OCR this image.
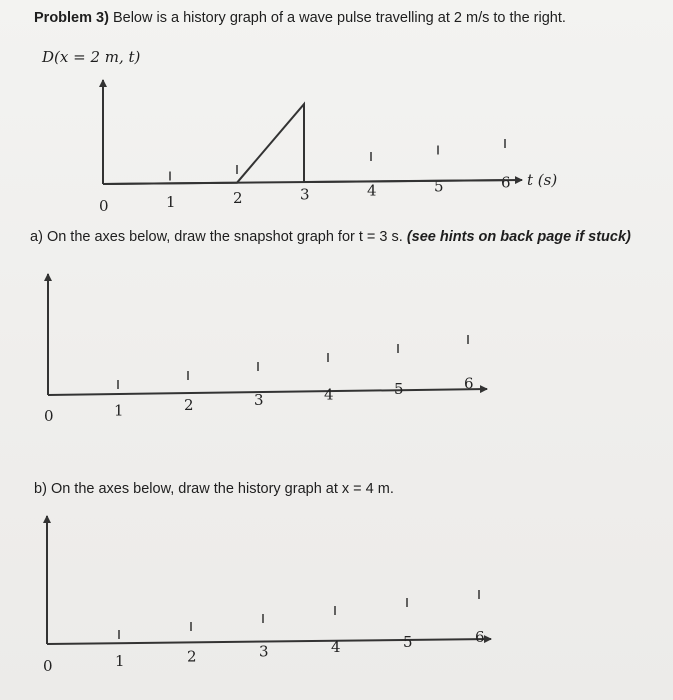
Problem 3) Below is a history graph of a wave pulse travelling at 2 m/s to the right.
D(x = 2 m, t)
a) On the axes below, draw the snapshot graph for t = 3 s. (see hints on back page if stuck)
b) On the axes below, draw the history graph at x = 4 m.
0	1	2	3	4	5	6 t (s)
0	1	2	3	4	5	6
0	1	2	3	4	5	6
